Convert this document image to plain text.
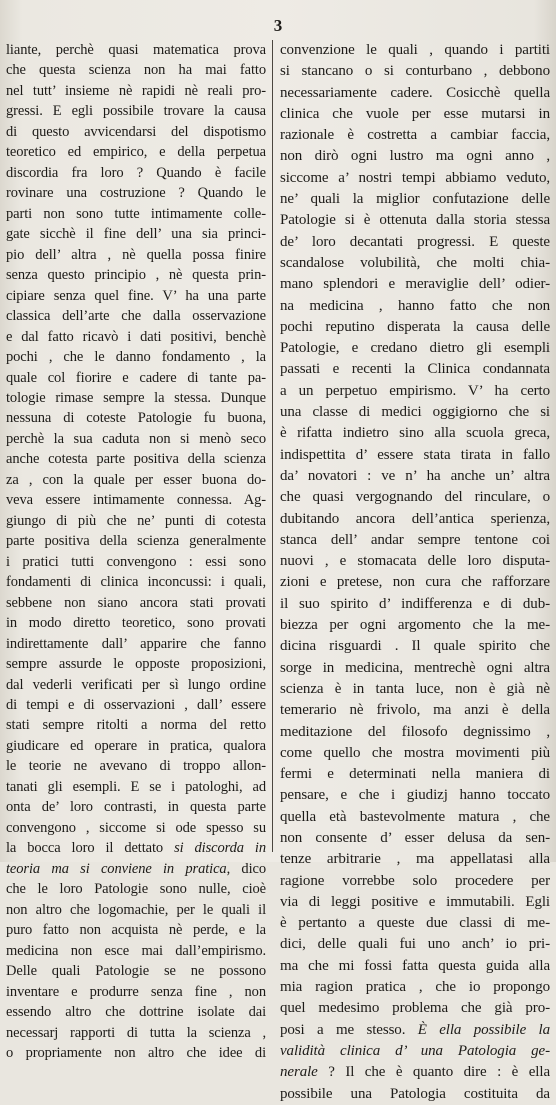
3
liante, perchè quasi matematica prova
che questa scienza non ha mai fatto
nel tutt’ insieme nè rapidi nè reali pro-
gressi. E egli possibile trovare la causa
di questo avvicendarsi del dispotismo
teoretico ed empirico, e della perpetua
discordia fra loro ? Quando è facile
rovinare una costruzione ? Quando le
parti non sono tutte intimamente colle-
gate sicchè il fine dell’ una sia princi-
pio dell’ altra , nè quella possa finire
senza questo principio , nè questa prin-
cipiare senza quel fine. V’ ha una parte
classica dell’arte che dalla osservazione
e dal fatto ricavò i dati positivi, benchè
pochi , che le danno fondamento , la
quale col fiorire e cadere di tante pa-
tologie rimase sempre la stessa. Dunque
nessuna di coteste Patologie fu buona,
perchè la sua caduta non si menò seco
anche cotesta parte positiva della scienza
za , con la quale per esser buona do-
veva essere intimamente connessa. Ag-
giungo di più che ne’ punti di cotesta
parte positiva della scienza generalmente
i pratici tutti convengono : essi sono
fondamenti di clinica inconcussi: i quali,
sebbene non siano ancora stati provati
in modo diretto teoretico, sono provati
indirettamente dall’ apparire che fanno
sempre assurde le opposte proposizioni,
dal vederli verificati per sì lungo ordine
di tempi e di osservazioni , dall’ essere
stati sempre ritolti a norma del retto
giudicare ed operare in pratica, qualora
le teorie ne avevano di troppo allon-
tanati gli esempli. E se i patologhi, ad
onta de’ loro contrasti, in questa parte
convengono , siccome si ode spesso su
la bocca loro il dettato si discorda in
teoria ma si conviene in pratica, dico
che le loro Patologie sono nulle, cioè
non altro che logomachie, per le quali il
puro fatto non acquista nè perde, e la
medicina non esce mai dall’empirismo.
Delle quali Patologie se ne possono
inventare e produrre senza fine , non
essendo altro che dottrine isolate dai
necessarj rapporti di tutta la scienza ,
o propriamente non altro che idee di
convenzione le quali , quando i partiti
si stancano o si conturbano , debbono
necessariamente cadere. Cosicchè quella
clinica che vuole per esse mutarsi in
razionale è costretta a cambiar faccia,
non dirò ogni lustro ma ogni anno ,
siccome a’ nostri tempi abbiamo veduto,
ne’ quali la miglior confutazione delle
Patologie si è ottenuta dalla storia stessa
de’ loro decantati progressi. E queste
scandalose volubilità, che molti chia-
mano splendori e meraviglie dell’ odier-
na medicina , hanno fatto che non
pochi reputino disperata la causa delle
Patologie, e credano dietro gli esempli
passati e recenti la Clinica condannata
a un perpetuo empirismo. V’ ha certo
una classe di medici oggigiorno che si
è rifatta indietro sino alla scuola greca,
indispettita d’ essere stata tirata in fallo
da’ novatori : ve n’ ha anche un’ altra
che quasi vergognando del rinculare, o
dubitando ancora dell’antica sperienza,
stanca dell’ andar sempre tentone coi
nuovi , e stomacata delle loro disputa-
zioni e pretese, non cura che rafforzare
il suo spirito d’ indifferenza e di dub-
biezza per ogni argomento che la me-
dicina risguardi . Il quale spirito che
sorge in medicina, mentrechè ogni altra
scienza è in tanta luce, non è già nè
temerario nè frivolo, ma anzi è della
meditazione del filosofo degnissimo ,
come quello che mostra movimenti più
fermi e determinati nella maniera di
pensare, e che i giudizj hanno toccato
quella età bastevolmente matura , che
non consente d’ esser delusa da sen-
tenze arbitrarie , ma appellatasi alla
ragione vorrebbe solo procedere per
via di leggi positive e immutabili. Egli
è pertanto a queste due classi di me-
dici, delle quali fui uno anch’ io pri-
ma che mi fossi fatta questa guida alla
mia ragion pratica , che io propongo
quel medesimo problema che già pro-
posi a me stesso. È ella possibile la
validità clinica d’ una Patologia ge-
nerale ? Il che è quanto dire : è ella
possibile una Patologia costituita da
